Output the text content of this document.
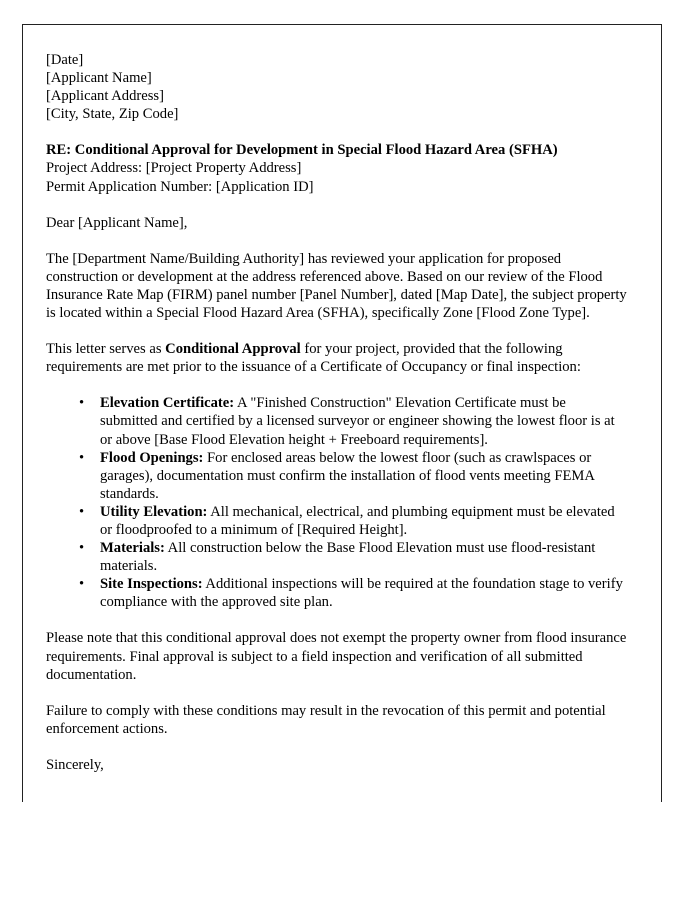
[Date]
[Applicant Name]
[Applicant Address]
[City, State, Zip Code]
RE: Conditional Approval for Development in Special Flood Hazard Area (SFHA)
Project Address: [Project Property Address]
Permit Application Number: [Application ID]
Dear [Applicant Name],

The [Department Name/Building Authority] has reviewed your application for proposed construction or development at the address referenced above. Based on our review of the Flood Insurance Rate Map (FIRM) panel number [Panel Number], dated [Map Date], the subject property is located within a Special Flood Hazard Area (SFHA), specifically Zone [Flood Zone Type].

This letter serves as Conditional Approval for your project, provided that the following requirements are met prior to the issuance of a Certificate of Occupancy or final inspection:

• Elevation Certificate: A "Finished Construction" Elevation Certificate must be submitted and certified by a licensed surveyor or engineer showing the lowest floor is at or above [Base Flood Elevation height + Freeboard requirements].
• Flood Openings: For enclosed areas below the lowest floor (such as crawlspaces or garages), documentation must confirm the installation of flood vents meeting FEMA standards.
• Utility Elevation: All mechanical, electrical, and plumbing equipment must be elevated or floodproofed to a minimum of [Required Height].
• Materials: All construction below the Base Flood Elevation must use flood-resistant materials.
• Site Inspections: Additional inspections will be required at the foundation stage to verify compliance with the approved site plan.

Please note that this conditional approval does not exempt the property owner from flood insurance requirements. Final approval is subject to a field inspection and verification of all submitted documentation.

Failure to comply with these conditions may result in the revocation of this permit and potential enforcement actions.

Sincerely,
